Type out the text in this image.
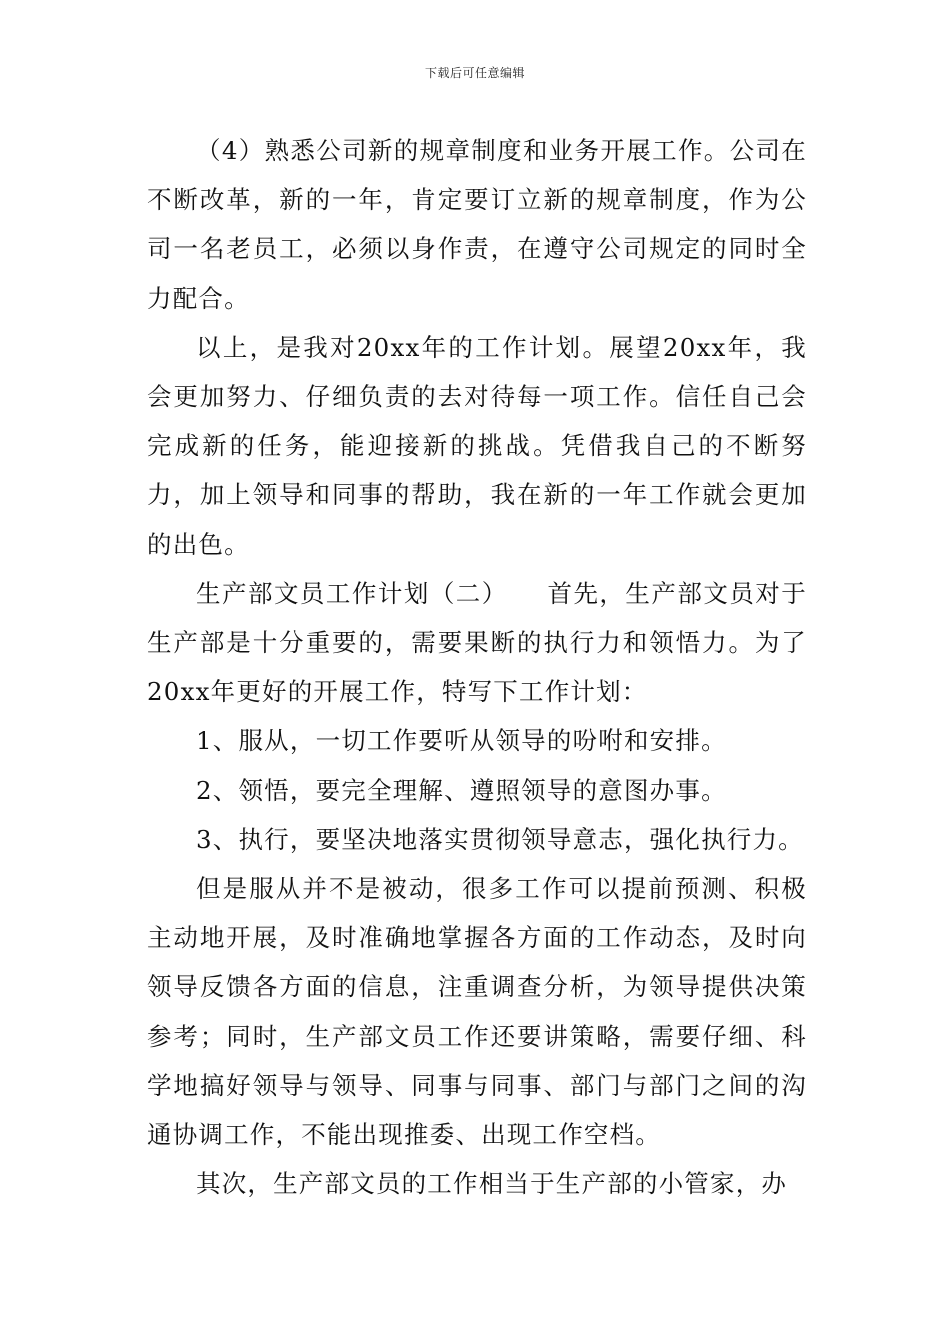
下载后可任意编辑

（4）熟悉公司新的规章制度和业务开展工作。公司在不断改革，新的一年，肯定要订立新的规章制度，作为公司一名老员工，必须以身作责，在遵守公司规定的同时全力配合。

以上，是我对20xx年的工作计划。展望20xx年，我会更加努力、仔细负责的去对待每一项工作。信任自己会完成新的任务，能迎接新的挑战。凭借我自己的不断努力，加上领导和同事的帮助，我在新的一年工作就会更加的出色。

生产部文员工作计划（二）　　首先，生产部文员对于生产部是十分重要的，需要果断的执行力和领悟力。为了20xx年更好的开展工作，特写下工作计划：

1、服从，一切工作要听从领导的吩咐和安排。

2、领悟，要完全理解、遵照领导的意图办事。

3、执行，要坚决地落实贯彻领导意志，强化执行力。

但是服从并不是被动，很多工作可以提前预测、积极主动地开展，及时准确地掌握各方面的工作动态，及时向领导反馈各方面的信息，注重调查分析，为领导提供决策参考；同时，生产部文员工作还要讲策略，需要仔细、科学地搞好领导与领导、同事与同事、部门与部门之间的沟通协调工作，不能出现推委、出现工作空档。

其次，生产部文员的工作相当于生产部的小管家，办
